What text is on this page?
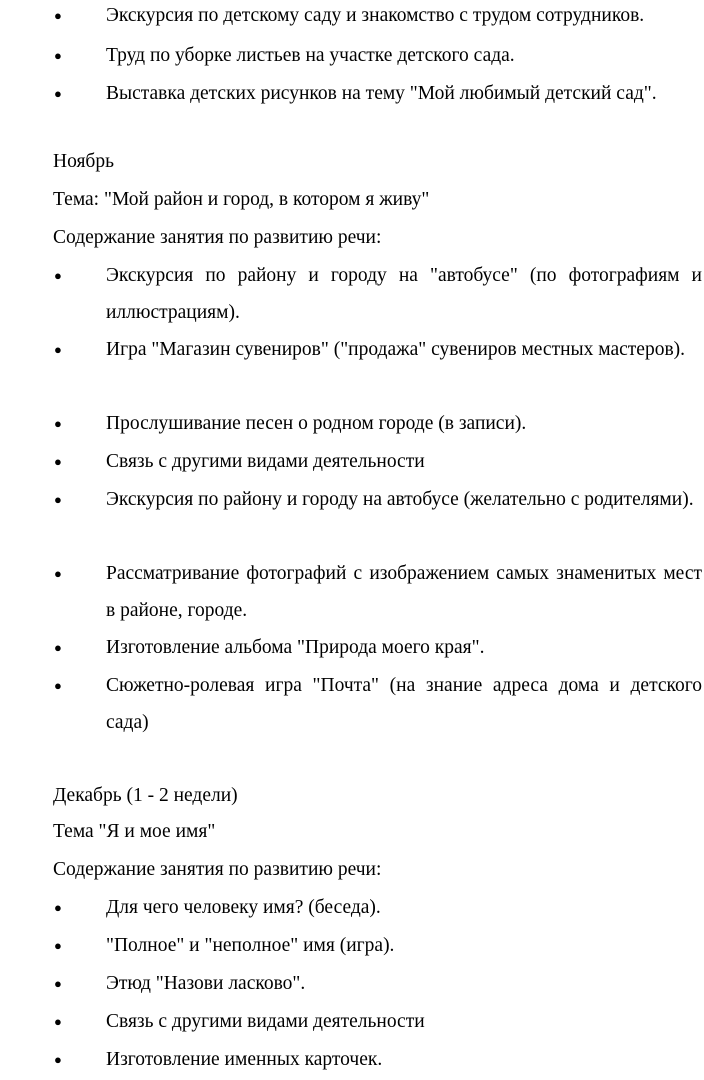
● Экскурсия по детскому саду и знакомство с трудом сотрудников.
● Труд по уборке листьев на участке детского сада.
● Выставка детских рисунков на тему "Мой любимый детский сад".
Ноябрь
Тема: "Мой район и город, в котором я живу"
Содержание занятия по развитию речи:
● Экскурсия по району и городу на "автобусе" (по фотографиям и иллюстрациям).
● Игра "Магазин сувениров" ("продажа" сувениров местных мастеров).
● Прослушивание песен о родном городе (в записи).
● Связь с другими видами деятельности
● Экскурсия по району и городу на автобусе (желательно с родителями).
● Рассматривание фотографий с изображением самых знаменитых мест в районе, городе.
● Изготовление альбома "Природа моего края".
● Сюжетно-ролевая игра "Почта" (на знание адреса дома и детского сада)
Декабрь (1 - 2 недели)
Тема "Я и мое имя"
Содержание занятия по развитию речи:
● Для чего человеку имя? (беседа).
● "Полное" и "неполное" имя (игра).
● Этюд "Назови ласково".
● Связь с другими видами деятельности
● Изготовление именных карточек.
